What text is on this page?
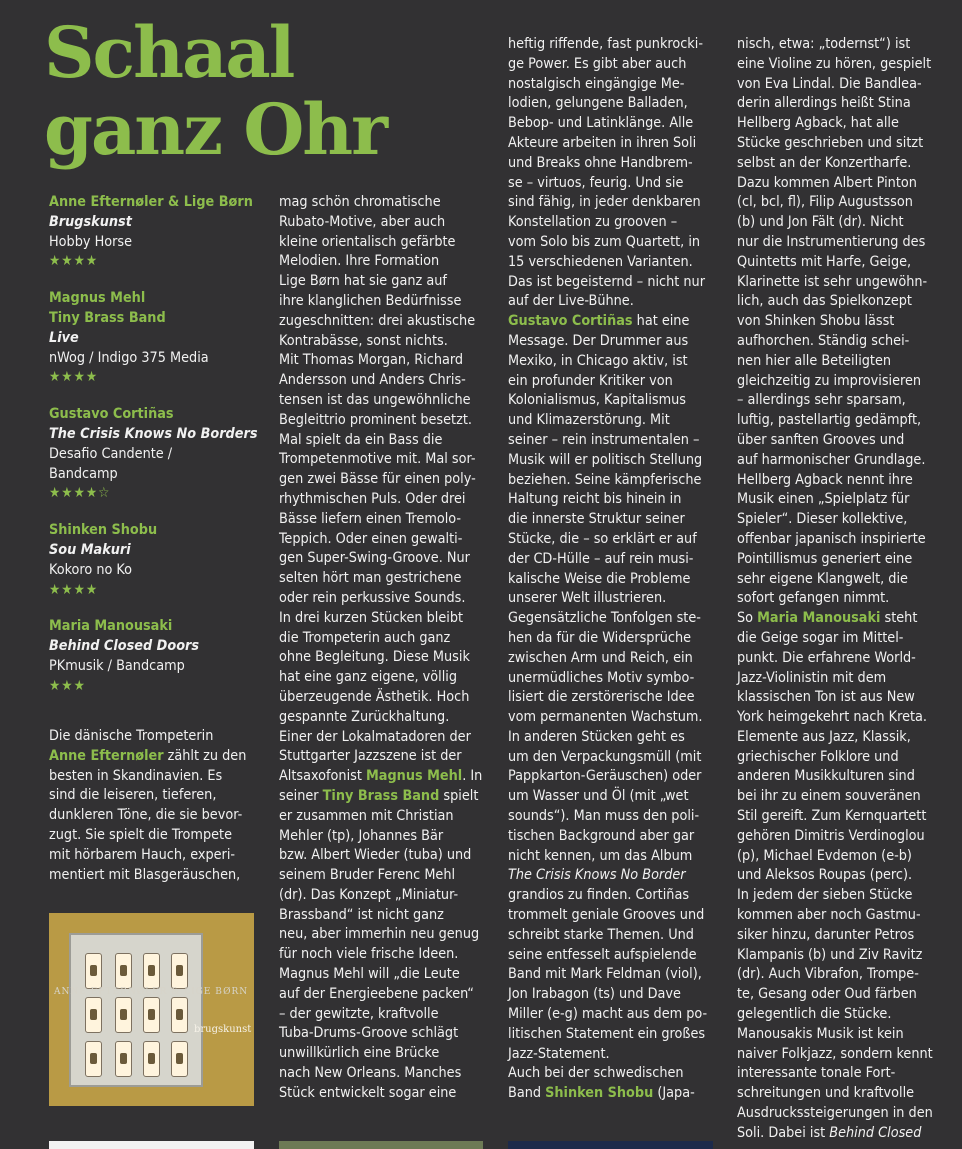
Schaal
ganz Ohr
Anne Efternøler & Lige Børn
Brugskunst
Hobby Horse
★★★★
Magnus Mehl
Tiny Brass Band
Live
nWog / Indigo 375 Media
★★★★
Gustavo Cortiñas
The Crisis Knows No Borders
Desafio Candente /
Bandcamp
★★★★☆
Shinken Shobu
Sou Makuri
Kokoro no Ko
★★★★
Maria Manousaki
Behind Closed Doors
PKmusik / Bandcamp
★★★

Die dänische Trompeterin

Anne Efternøler zählt zu den

besten in Skandinavien. Es

sind die leiseren, tieferen,

dunkleren Töne, die sie bevor-

zugt. Sie spielt die Trompete

mit hörbarem Hauch, experi-

mentiert mit Blasgeräuschen,

ANNE EFTERNØLER & LIGE BØRN
brugskunst

mag schön chromatische

Rubato-Motive, aber auch

kleine orientalisch gefärbte

Melodien. Ihre Formation

Lige Børn hat sie ganz auf

ihre klanglichen Bedürfnisse

zugeschnitten: drei akustische

Kontrabässe, sonst nichts.

Mit Thomas Morgan, Richard

Andersson und Anders Chris-

tensen ist das ungewöhnliche

Begleittrio prominent besetzt.

Mal spielt da ein Bass die

Trompetenmotive mit. Mal sor-

gen zwei Bässe für einen poly-

rhythmischen Puls. Oder drei

Bässe liefern einen Tremolo-

Teppich. Oder einen gewalti-

gen Super-Swing-Groove. Nur

selten hört man gestrichene

oder rein perkussive Sounds.

In drei kurzen Stücken bleibt

die Trompeterin auch ganz

ohne Begleitung. Diese Musik

hat eine ganz eigene, völlig

überzeugende Ästhetik. Hoch

gespannte Zurückhaltung.

Einer der Lokalmatadoren der

Stuttgarter Jazzszene ist der

Altsaxofonist Magnus Mehl. In

seiner Tiny Brass Band spielt

er zusammen mit Christian

Mehler (tp), Johannes Bär

bzw. Albert Wieder (tuba) und

seinem Bruder Ferenc Mehl

(dr). Das Konzept „Miniatur-

Brassband“ ist nicht ganz

neu, aber immerhin neu genug

für noch viele frische Ideen.

Magnus Mehl will „die Leute

auf der Energieebene packen“

– der gewitzte, kraftvolle

Tuba-Drums-Groove schlägt

unwillkürlich eine Brücke

nach New Orleans. Manches

Stück entwickelt sogar eine

heftig riffende, fast punkrocki-

ge Power. Es gibt aber auch

nostalgisch eingängige Me-

lodien, gelungene Balladen,

Bebop- und Latinklänge. Alle

Akteure arbeiten in ihren Soli

und Breaks ohne Handbrem-

se – virtuos, feurig. Und sie

sind fähig, in jeder denkbaren

Konstellation zu grooven –

vom Solo bis zum Quartett, in

15 verschiedenen Varianten.

Das ist begeisternd – nicht nur

auf der Live-Bühne.

Gustavo Cortiñas hat eine

Message. Der Drummer aus

Mexiko, in Chicago aktiv, ist

ein profunder Kritiker von

Kolonialismus, Kapitalismus

und Klimazerstörung. Mit

seiner – rein instrumentalen –

Musik will er politisch Stellung

beziehen. Seine kämpferische

Haltung reicht bis hinein in

die innerste Struktur seiner

Stücke, die – so erklärt er auf

der CD-Hülle – auf rein musi-

kalische Weise die Probleme

unserer Welt illustrieren.

Gegensätzliche Tonfolgen ste-

hen da für die Widersprüche

zwischen Arm und Reich, ein

unermüdliches Motiv symbo-

lisiert die zerstörerische Idee

vom permanenten Wachstum.

In anderen Stücken geht es

um den Verpackungsmüll (mit

Pappkarton-Geräuschen) oder

um Wasser und Öl (mit „wet

sounds“). Man muss den poli-

tischen Background aber gar

nicht kennen, um das Album

The Crisis Knows No Border

grandios zu finden. Cortiñas

trommelt geniale Grooves und

schreibt starke Themen. Und

seine entfesselt aufspielende

Band mit Mark Feldman (viol),

Jon Irabagon (ts) und Dave

Miller (e-g) macht aus dem po-

litischen Statement ein großes

Jazz-Statement.

Auch bei der schwedischen

Band Shinken Shobu (Japa-

nisch, etwa: „todernst“) ist

eine Violine zu hören, gespielt

von Eva Lindal. Die Bandlea-

derin allerdings heißt Stina

Hellberg Agback, hat alle

Stücke geschrieben und sitzt

selbst an der Konzertharfe.

Dazu kommen Albert Pinton

(cl, bcl, fl), Filip Augustsson

(b) und Jon Fält (dr). Nicht

nur die Instrumentierung des

Quintetts mit Harfe, Geige,

Klarinette ist sehr ungewöhn-

lich, auch das Spielkonzept

von Shinken Shobu lässt

aufhorchen. Ständig schei-

nen hier alle Beteiligten

gleichzeitig zu improvisieren

– allerdings sehr sparsam,

luftig, pastellartig gedämpft,

über sanften Grooves und

auf harmonischer Grundlage.

Hellberg Agback nennt ihre

Musik einen „Spielplatz für

Spieler“. Dieser kollektive,

offenbar japanisch inspirierte

Pointillismus generiert eine

sehr eigene Klangwelt, die

sofort gefangen nimmt.

So Maria Manousaki steht

die Geige sogar im Mittel-

punkt. Die erfahrene World-

Jazz-Violinistin mit dem

klassischen Ton ist aus New

York heimgekehrt nach Kreta.

Elemente aus Jazz, Klassik,

griechischer Folklore und

anderen Musikkulturen sind

bei ihr zu einem souveränen

Stil gereift. Zum Kernquartett

gehören Dimitris Verdinoglou

(p), Michael Evdemon (e-b)

und Aleksos Roupas (perc).

In jedem der sieben Stücke

kommen aber noch Gastmu-

siker hinzu, darunter Petros

Klampanis (b) und Ziv Ravitz

(dr). Auch Vibrafon, Trompe-

te, Gesang oder Oud färben

gelegentlich die Stücke.

Manousakis Musik ist kein

naiver Folkjazz, sondern kennt

interessante tonale Fort-

schreitungen und kraftvolle

Ausdruckssteigerungen in den

Soli. Dabei ist Behind Closed
